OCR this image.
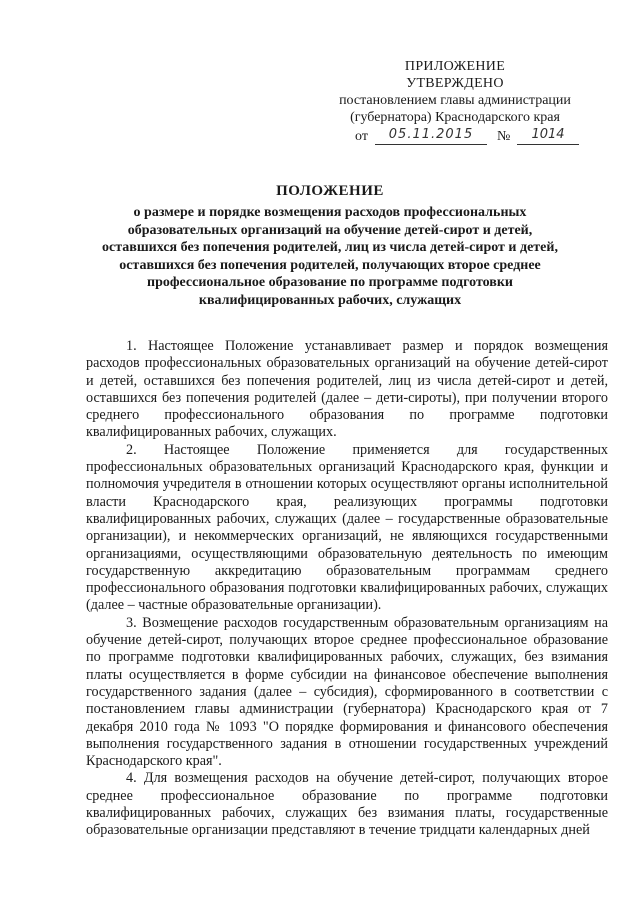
ПРИЛОЖЕНИЕ
УТВЕРЖДЕНО
постановлением главы администрации
(губернатора) Краснодарского края
от	05.11.2015	№	1014
ПОЛОЖЕНИЕ
о размере и порядке возмещения расходов профессиональных
образовательных организаций на обучение детей-сирот и детей,
оставшихся без попечения родителей, лиц из числа детей-сирот и детей,
оставшихся без попечения родителей, получающих второе среднее
профессиональное образование по программе подготовки
квалифицированных рабочих, служащих

1. Настоящее Положение устанавливает размер и порядок возмещения расходов профессиональных образовательных организаций на обучение детей-сирот и детей, оставшихся без попечения родителей, лиц из числа детей-сирот и детей, оставшихся без попечения родителей (далее – дети-сироты), при получении второго среднего профессионального образования по программе подготовки квалифицированных рабочих, служащих.

2. Настоящее Положение применяется для государственных профессиональных образовательных организаций Краснодарского края, функции и полномочия учредителя в отношении которых осуществляют органы исполнительной власти Краснодарского края, реализующих программы подготовки квалифицированных рабочих, служащих (далее – государственные образовательные организации), и некоммерческих организаций, не являющихся государственными организациями, осуществляющими образовательную деятельность по имеющим государственную аккредитацию образовательным программам среднего профессионального образования подготовки квалифицированных рабочих, служащих (далее – частные образовательные организации).

3. Возмещение расходов государственным образовательным организациям на обучение детей-сирот, получающих второе среднее профессиональное образование по программе подготовки квалифицированных рабочих, служащих, без взимания платы осуществляется в форме субсидии на финансовое обеспечение выполнения государственного задания (далее – субсидия), сформированного в соответствии с постановлением главы администрации (губернатора) Краснодарского края от 7 декабря 2010 года № 1093 "О порядке формирования и финансового обеспечения выполнения государственного задания в отношении государственных учреждений Краснодарского края".

4. Для возмещения расходов на обучение детей-сирот, получающих второе среднее профессиональное образование по программе подготовки квалифицированных рабочих, служащих без взимания платы, государственные образовательные организации представляют в течение тридцати календарных дней
